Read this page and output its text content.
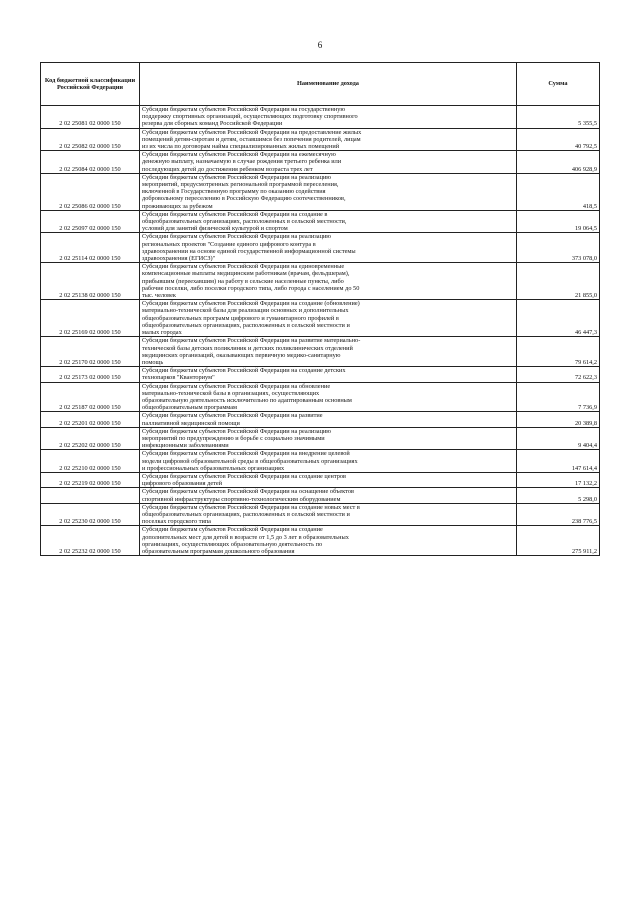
6
Код бюджетной классификации Российской Федерации	Наименование дохода	Сумма
2 02 25081 02 0000 150	Субсидии бюджетам субъектов Российской Федерации на государственную
поддержку спортивных организаций, осуществляющих подготовку спортивного
резерва для сборных команд Российской Федерации	5 355,5
2 02 25082 02 0000 150	Субсидии бюджетам субъектов Российской Федерации на предоставление жилых
помещений детям-сиротам и детям, оставшимся без попечения родителей, лицам
из их числа по договорам найма специализированных жилых помещений	40 792,5
2 02 25084 02 0000 150	Субсидии бюджетам субъектов Российской Федерации на ежемесячную
денежную выплату, назначаемую в случае рождения третьего ребенка или
последующих детей до достижения ребенком возраста трех лет	406 928,9
2 02 25086 02 0000 150	Субсидии бюджетам субъектов Российской Федерации на реализацию
мероприятий, предусмотренных региональной программой переселения,
включенной в Государственную программу по оказанию содействия
добровольному переселению в Российскую Федерацию соотечественников,
проживающих за рубежом	418,5
2 02 25097 02 0000 150	Субсидии бюджетам субъектов Российской Федерации на создание в
общеобразовательных организациях, расположенных в сельской местности,
условий для занятий физической культурой и спортом	19 064,5
2 02 25114 02 0000 150	Субсидии бюджетам субъектов Российской Федерации на реализацию
региональных проектов "Создание единого цифрового контура в
здравоохранении на основе единой государственной информационной системы
здравоохранения (ЕГИСЗ)"	373 078,0
2 02 25138 02 0000 150	Субсидии бюджетам субъектов Российской Федерации на единовременные
компенсационные выплаты медицинским работникам (врачам, фельдшерам),
прибывшим (переехавшим) на работу в сельские населенные пункты, либо
рабочие поселки, либо поселки городского типа, либо города с населением до 50
тыс. человек	21 855,0
2 02 25169 02 0000 150	Субсидии бюджетам субъектов Российской Федерации на создание (обновление)
материально-технической базы для реализации основных и дополнительных
общеобразовательных программ цифрового и гуманитарного профилей в
общеобразовательных организациях, расположенных в сельской местности и
малых городах	46 447,3
2 02 25170 02 0000 150	Субсидии бюджетам субъектов Российской Федерации на развитие материально-
технической базы детских поликлиник и детских поликлинических отделений
медицинских организаций, оказывающих первичную медико-санитарную
помощь	79 614,2
2 02 25173 02 0000 150	Субсидии бюджетам субъектов Российской Федерации на создание детских
технопарков "Кванториум"	72 622,3
2 02 25187 02 0000 150	Субсидии бюджетам субъектов Российской Федерации на обновление
материально-технической базы в организациях, осуществляющих
образовательную деятельность исключительно по адаптированным основным
общеобразовательным программам	7 736,9
2 02 25201 02 0000 150	Субсидии бюджетам субъектов Российской Федерации на развитие
паллиативной медицинской помощи	20 389,8
2 02 25202 02 0000 150	Субсидии бюджетам субъектов Российской Федерации на реализацию
мероприятий по предупреждению и борьбе с социально значимыми
инфекционными заболеваниями	9 404,4
2 02 25210 02 0000 150	Субсидии бюджетам субъектов Российской Федерации на внедрение целевой
модели цифровой образовательной среды в общеобразовательных организациях
и профессиональных образовательных организациях	147 614,4
2 02 25219 02 0000 150	Субсидии бюджетам субъектов Российской Федерации на создание центров
цифрового образования детей	17 132,2

	Субсидии бюджетам субъектов Российской Федерации на оснащение объектов
спортивной инфраструктуры спортивно-технологическим оборудованием	5 298,0
2 02 25230 02 0000 150	Субсидии бюджетам субъектов Российской Федерации на создание новых мест в
общеобразовательных организациях, расположенных в сельской местности и
поселках городского типа	238 776,5
2 02 25232 02 0000 150	Субсидии бюджетам субъектов Российской Федерации на создание
дополнительных мест для детей в возрасте от 1,5 до 3 лет в образовательных
организациях, осуществляющих образовательную деятельность по
образовательным программам дошкольного образования	275 911,2
